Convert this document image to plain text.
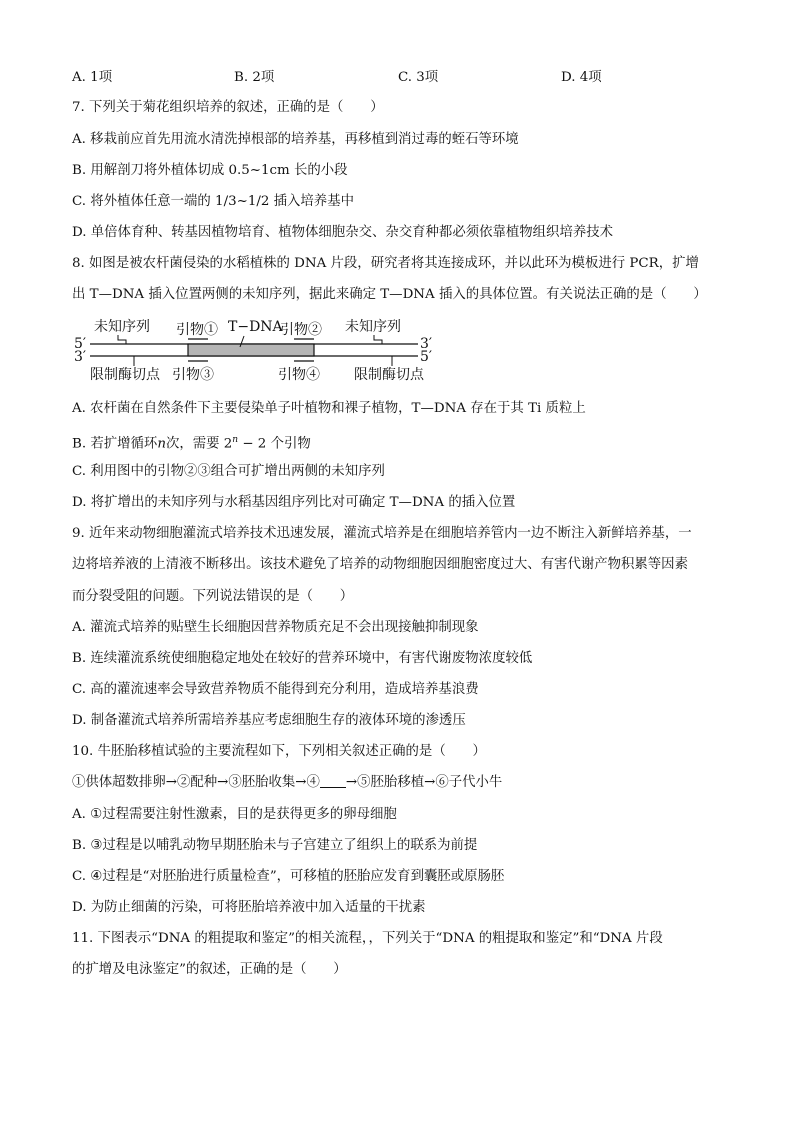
A. 1项	B. 2项	C. 3项	D. 4项
7. 下列关于菊花组织培养的叙述，正确的是（　　）
A. 移栽前应首先用流水清洗掉根部的培养基，再移植到消过毒的蛭石等环境
B. 用解剖刀将外植体切成 0.5~1cm 长的小段
C. 将外植体任意一端的 1/3~1/2 插入培养基中
D. 单倍体育种、转基因植物培育、植物体细胞杂交、杂交育种都必须依靠植物组织培养技术
8. 如图是被农杆菌侵染的水稻植株的 DNA 片段，研究者将其连接成环，并以此环为模板进行 PCR，扩增
出 T—DNA 插入位置两侧的未知序列，据此来确定 T—DNA 插入的具体位置。有关说法正确的是（　　）
未知序列 引物① T−DNA
引物② 未知序列
5′
3′
3′
5′
限制酶切点 引物③	引物④ 限制酶切点
A. 农杆菌在自然条件下主要侵染单子叶植物和裸子植物，T—DNA 存在于其 Ti 质粒上
B. 若扩增循环n次，需要 $2^n - 2$ 个引物
C. 利用图中的引物②③组合可扩增出两侧的未知序列
D. 将扩增出的未知序列与水稻基因组序列比对可确定 T—DNA 的插入位置
9. 近年来动物细胞灌流式培养技术迅速发展，灌流式培养是在细胞培养管内一边不断注入新鲜培养基，一
边将培养液的上清液不断移出。该技术避免了培养的动物细胞因细胞密度过大、有害代谢产物积累等因素
而分裂受阻的问题。下列说法错误的是（　　）
A. 灌流式培养的贴壁生长细胞因营养物质充足不会出现接触抑制现象
B. 连续灌流系统使细胞稳定地处在较好的营养环境中，有害代谢废物浓度较低
C. 高的灌流速率会导致营养物质不能得到充分利用，造成培养基浪费
D. 制备灌流式培养所需培养基应考虑细胞生存的液体环境的渗透压
10. 牛胚胎移植试验的主要流程如下，下列相关叙述正确的是（　　）
①供体超数排卵→②配种→③胚胎收集→④ →⑤胚胎移植→⑥子代小牛
A. ①过程需要注射性激素，目的是获得更多的卵母细胞
B. ③过程是以哺乳动物早期胚胎未与子宫建立了组织上的联系为前提
C. ④过程是“对胚胎进行质量检查”，可移植的胚胎应发育到囊胚或原肠胚
D. 为防止细菌的污染，可将胚胎培养液中加入适量的干扰素
11. 下图表示“DNA 的粗提取和鉴定”的相关流程，，下列关于“DNA 的粗提取和鉴定”和“DNA 片段
的扩增及电泳鉴定”的叙述，正确的是（　　）
